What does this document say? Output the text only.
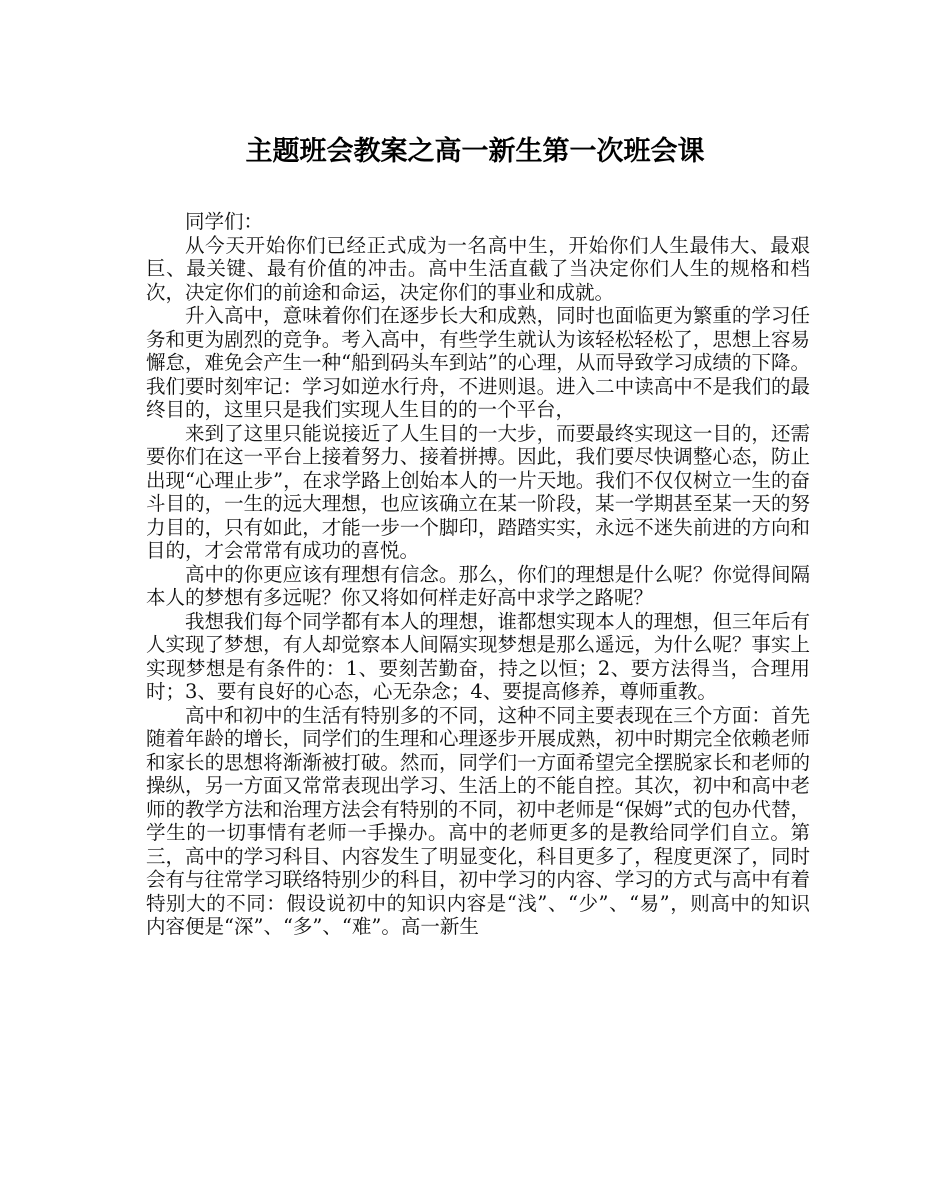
主题班会教案之高一新生第一次班会课

同学们：

从今天开始你们已经正式成为一名高中生，开始你们人生最伟大、最艰巨、最关键、最有价值的冲击。高中生活直截了当决定你们人生的规格和档次，决定你们的前途和命运，决定你们的事业和成就。

升入高中，意味着你们在逐步长大和成熟，同时也面临更为繁重的学习任务和更为剧烈的竞争。考入高中，有些学生就认为该轻松轻松了，思想上容易懈怠，难免会产生一种“船到码头车到站”的心理，从而导致学习成绩的下降。我们要时刻牢记：学习如逆水行舟，不进则退。进入二中读高中不是我们的最终目的，这里只是我们实现人生目的的一个平台，

来到了这里只能说接近了人生目的一大步，而要最终实现这一目的，还需要你们在这一平台上接着努力、接着拼搏。因此，我们要尽快调整心态，防止出现“心理止步”，在求学路上创始本人的一片天地。我们不仅仅树立一生的奋斗目的，一生的远大理想，也应该确立在某一阶段，某一学期甚至某一天的努力目的，只有如此，才能一步一个脚印，踏踏实实，永远不迷失前进的方向和目的，才会常常有成功的喜悦。

高中的你更应该有理想有信念。那么，你们的理想是什么呢？你觉得间隔本人的梦想有多远呢？你又将如何样走好高中求学之路呢？

我想我们每个同学都有本人的理想，谁都想实现本人的理想，但三年后有人实现了梦想，有人却觉察本人间隔实现梦想是那么遥远，为什么呢？事实上实现梦想是有条件的：1、要刻苦勤奋，持之以恒；2、要方法得当，合理用时；3、要有良好的心态，心无杂念；4、要提高修养，尊师重教。

高中和初中的生活有特别多的不同，这种不同主要表现在三个方面：首先随着年龄的增长，同学们的生理和心理逐步开展成熟，初中时期完全依赖老师和家长的思想将渐渐被打破。然而，同学们一方面希望完全摆脱家长和老师的操纵，另一方面又常常表现出学习、生活上的不能自控。其次，初中和高中老师的教学方法和治理方法会有特别的不同，初中老师是“保姆”式的包办代替，学生的一切事情有老师一手操办。高中的老师更多的是教给同学们自立。第三，高中的学习科目、内容发生了明显变化，科目更多了，程度更深了，同时会有与往常学习联络特别少的科目，初中学习的内容、学习的方式与高中有着特别大的不同：假设说初中的知识内容是“浅”、“少”、“易”，则高中的知识内容便是“深”、“多”、“难”。高一新生
